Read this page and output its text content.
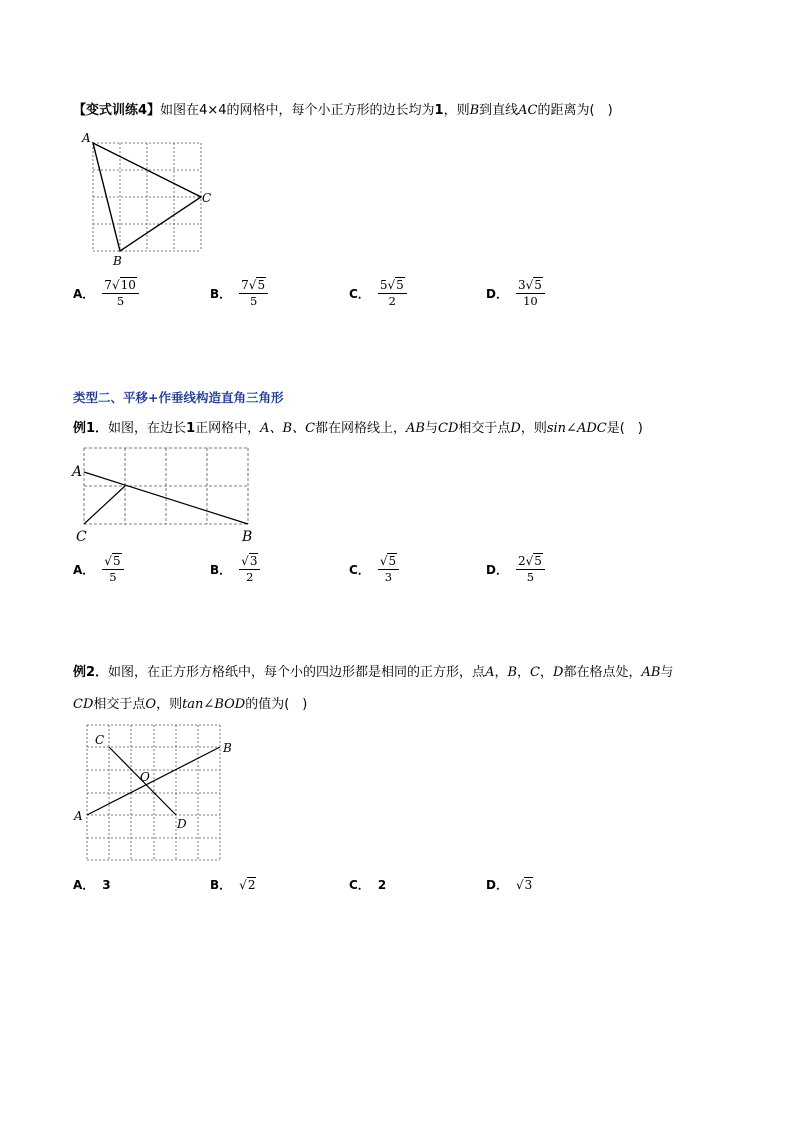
【变式训练4】如图在4×4的网格中，每个小正方形的边长均为1，则B到直线AC的距离为(　)
A
B
C
A． $\frac{7√10}{5}$	B． $\frac{7√5}{5}$	C． $\frac{5√5}{2}$	D． $\frac{3√5}{10}$
类型二、平移+作垂线构造直角三角形
例1．如图，在边长1正网格中，A、B、C都在网格线上，AB与CD相交于点D，则sin∠ADC是(　)
A
B
C
A． $\frac{√5}{5}$	B． $\frac{√3}{2}$	C． $\frac{√5}{3}$	D． $\frac{2√5}{5}$
例2．如图，在正方形方格纸中，每个小的四边形都是相同的正方形，点A，B，C，D都在格点处，AB与
CD相交于点O，则tan∠BOD的值为(　)
A
B
C
D
O
A． 3	B． √2	C． 2	D． √3
